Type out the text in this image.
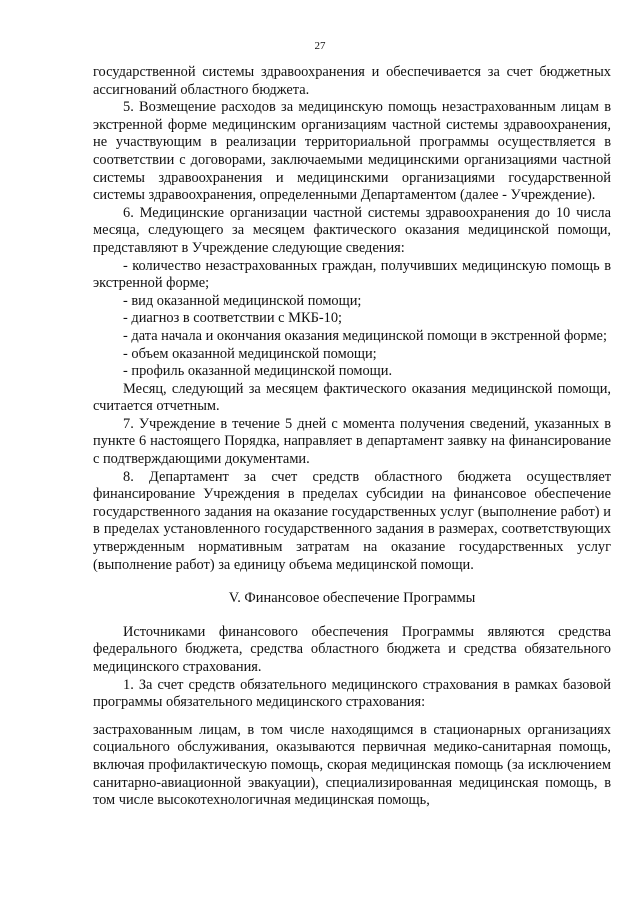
27

государственной системы здравоохранения и обеспечивается за счет бюджетных ассигнований областного бюджета.

5. Возмещение расходов за медицинскую помощь незастрахованным лицам в экстренной форме медицинским организациям частной системы здравоохранения, не участвующим в реализации территориальной программы осуществляется в соответствии с договорами, заключаемыми медицинскими организациями частной системы здравоохранения и медицинскими организациями государственной системы здравоохранения, определенными Департаментом (далее - Учреждение).

6. Медицинские организации частной системы здравоохранения до 10 числа месяца, следующего за месяцем фактического оказания медицинской помощи, представляют в Учреждение следующие сведения:

- количество незастрахованных граждан, получивших медицинскую помощь в экстренной форме;

- вид оказанной медицинской помощи;

- диагноз в соответствии с МКБ-10;

- дата начала и окончания оказания медицинской помощи в экстренной форме;

- объем оказанной медицинской помощи;

- профиль оказанной медицинской помощи.

Месяц, следующий за месяцем фактического оказания медицинской помощи, считается отчетным.

7. Учреждение в течение 5 дней с момента получения сведений, указанных в пункте 6 настоящего Порядка, направляет в департамент заявку на финансирование с подтверждающими документами.

8. Департамент за счет средств областного бюджета осуществляет финансирование Учреждения в пределах субсидии на финансовое обеспечение государственного задания на оказание государственных услуг (выполнение работ) и в пределах установленного государственного задания в размерах, соответствующих утвержденным нормативным затратам на оказание государственных услуг (выполнение работ) за единицу объема медицинской помощи.

V. Финансовое обеспечение Программы

Источниками финансового обеспечения Программы являются средства федерального бюджета, средства областного бюджета и средства обязательного медицинского страхования.

1. За счет средств обязательного медицинского страхования в рамках базовой программы обязательного медицинского страхования:

застрахованным лицам, в том числе находящимся в стационарных организациях социального обслуживания, оказываются первичная медико-санитарная помощь, включая профилактическую помощь, скорая медицинская помощь (за исключением санитарно-авиационной эвакуации), специализированная медицинская помощь, в том числе высокотехнологичная медицинская помощь,
